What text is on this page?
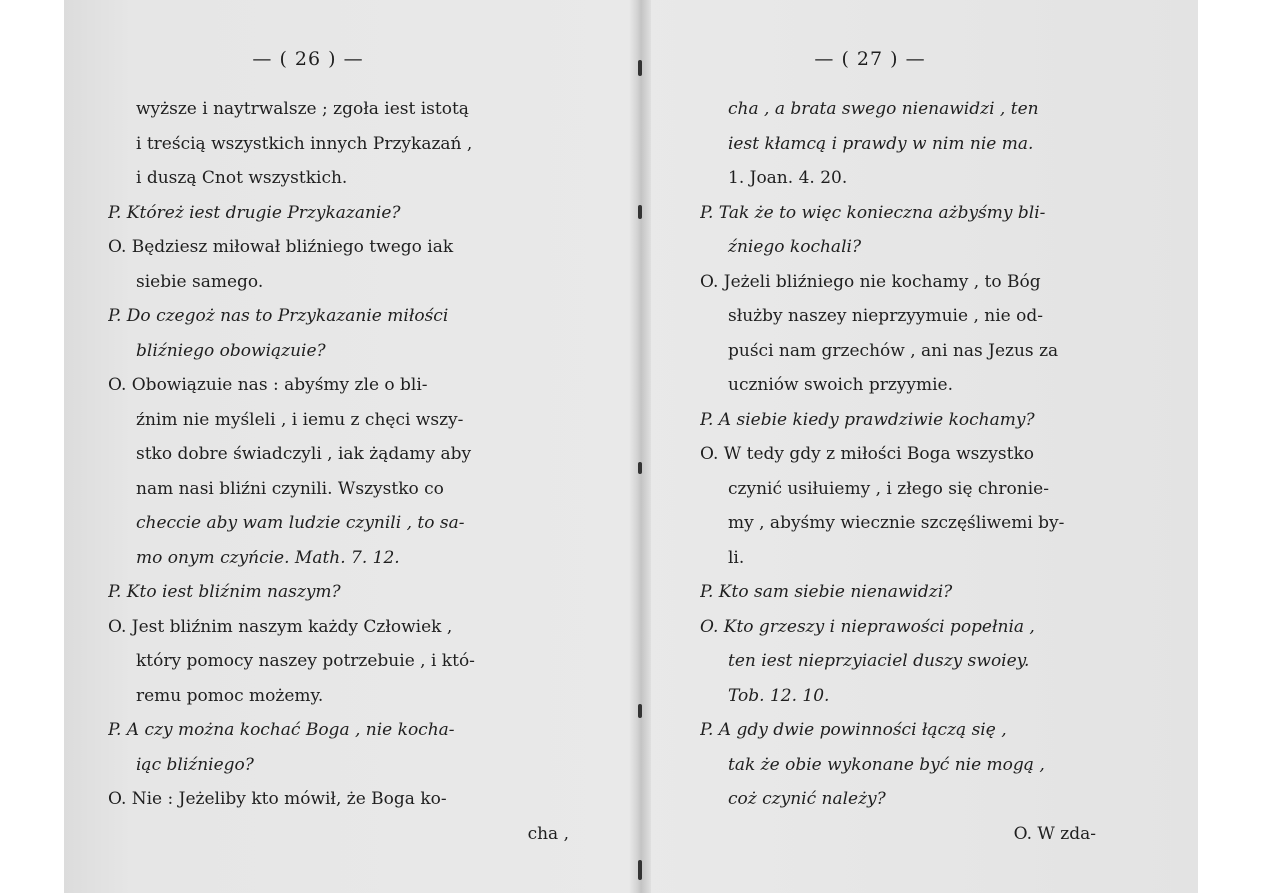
— ( 26 ) —
wyższe i naytrwalsze ; zgoła iest istotą
i treścią wszystkich innych Przykazań ,
i duszą Cnot wszystkich.
P. Któreż iest drugie Przykazanie?
O. Będziesz miłował bliźniego twego iak
siebie samego.
P. Do czegoż nas to Przykazanie miłości
bliźniego obowiązuie?
O. Obowiązuie nas : abyśmy zle o bli-
źnim nie myśleli , i iemu z chęci wszy-
stko dobre świadczyli , iak żądamy aby
nam nasi bliźni czynili. Wszystko co
checcie aby wam ludzie czynili , to sa-
mo onym czyńcie. Math. 7. 12.
P. Kto iest bliźnim naszym?
O. Jest bliźnim naszym każdy Człowiek ,
który pomocy naszey potrzebuie , i któ-
remu pomoc możemy.
P. A czy można kochać Boga , nie kocha-
iąc bliźniego?
O. Nie : Jeżeliby kto mówił, że Boga ko-
cha ,
— ( 27 ) —
cha , a brata swego nienawidzi , ten
iest kłamcą i prawdy w nim nie ma.
1. Joan. 4. 20.
P. Tak że to więc konieczna ażbyśmy bli-
źniego kochali?
O. Jeżeli bliźniego nie kochamy , to Bóg
służby naszey nieprzyymuie , nie od-
puści nam grzechów , ani nas Jezus za
uczniów swoich przyymie.
P. A siebie kiedy prawdziwie kochamy?
O. W tedy gdy z miłości Boga wszystko
czynić usiłuiemy , i złego się chronie-
my , abyśmy wiecznie szczęśliwemi by-
li.
P. Kto sam siebie nienawidzi?
O. Kto grzeszy i nieprawości popełnia ,
ten iest nieprzyiaciel duszy swoiey.
Tob. 12. 10.
P. A gdy dwie powinności łączą się ,
tak że obie wykonane być nie mogą ,
coż czynić należy?
O. W zda-
